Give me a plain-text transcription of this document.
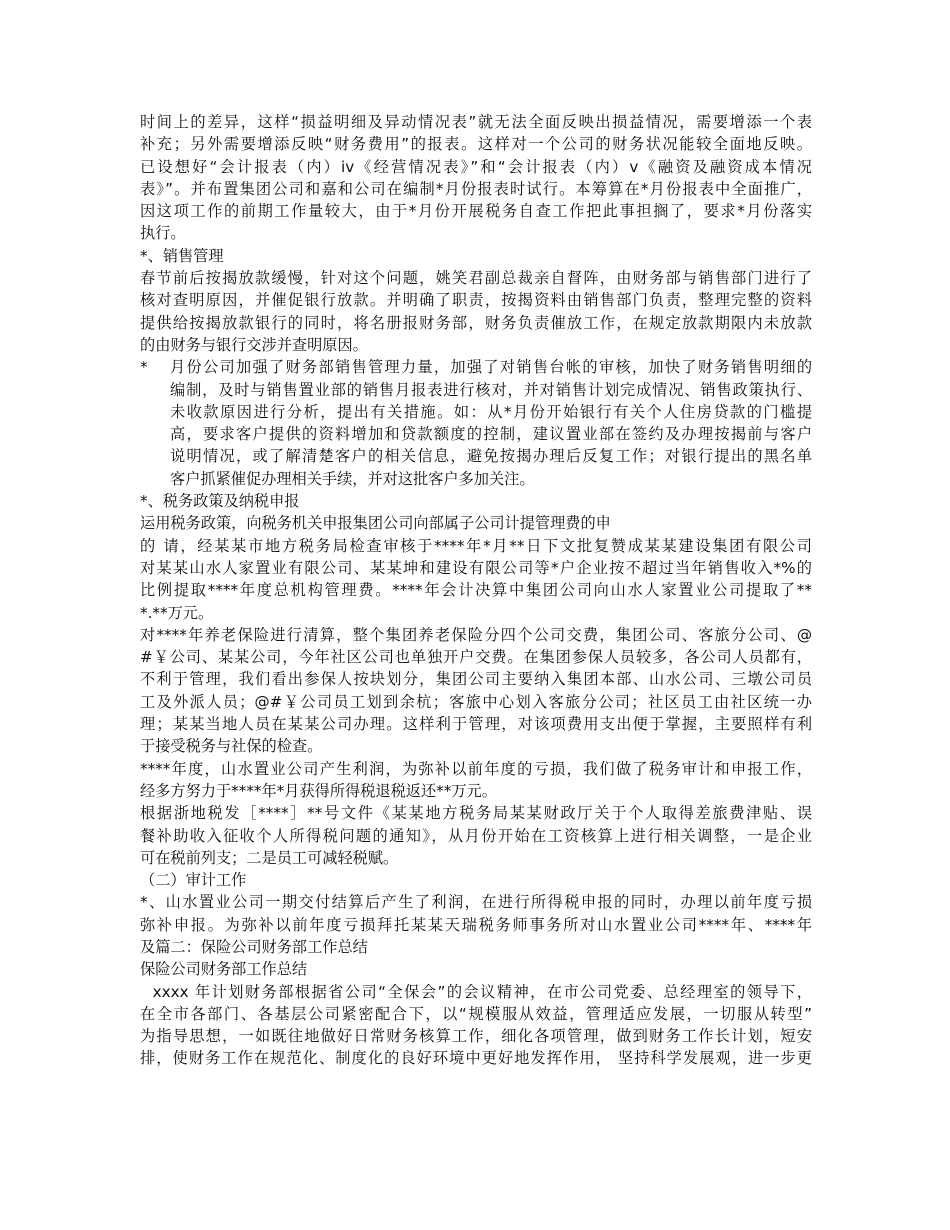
时间上的差异，这样“损益明细及异动情况表”就无法全面反映出损益情况，需要增添一个表
补充；另外需要增添反映“财务费用”的报表。这样对一个公司的财务状况能较全面地反映。
已设想好“会计报表（内）iv《经营情况表》”和“会计报表（内）v《融资及融资成本情况
表》”。并布置集团公司和嘉和公司在编制*月份报表时试行。本筹算在*月份报表中全面推广，
因这项工作的前期工作量较大，由于*月份开展税务自查工作把此事担搁了，要求*月份落实
执行。
*、销售管理
春节前后按揭放款缓慢，针对这个问题，姚笑君副总裁亲自督阵，由财务部与销售部门进行了
核对查明原因，并催促银行放款。并明确了职责，按揭资料由销售部门负责，整理完整的资料
提供给按揭放款银行的同时，将名册报财务部，财务负责催放工作，在规定放款期限内未放款
的由财务与银行交涉并查明原因。
*	月份公司加强了财务部销售管理力量，加强了对销售台帐的审核，加快了财务销售明细的
编制，及时与销售置业部的销售月报表进行核对，并对销售计划完成情况、销售政策执行、
未收款原因进行分析，提出有关措施。如：从*月份开始银行有关个人住房贷款的门槛提
高，要求客户提供的资料增加和贷款额度的控制，建议置业部在签约及办理按揭前与客户
说明情况，或了解清楚客户的相关信息，避免按揭办理后反复工作；对银行提出的黑名单
客户抓紧催促办理相关手续，并对这批客户多加关注。
*、税务政策及纳税申报
运用税务政策，向税务机关申报集团公司向部属子公司计提管理费的申
的 请，经某某市地方税务局检查审核于****年*月**日下文批复赞成某某建设集团有限公司
对某某山水人家置业有限公司、某某坤和建设有限公司等*户企业按不超过当年销售收入*%的
比例提取****年度总机构管理费。****年会计决算中集团公司向山水人家置业公司提取了**
*.**万元。
对****年养老保险进行清算，整个集团养老保险分四个公司交费，集团公司、客旅分公司、@
#￥公司、某某公司，今年社区公司也单独开户交费。在集团参保人员较多，各公司人员都有，
不利于管理，我们看出参保人按块划分，集团公司主要纳入集团本部、山水公司、三墩公司员
工及外派人员；@#￥公司员工划到余杭；客旅中心划入客旅分公司；社区员工由社区统一办
理；某某当地人员在某某公司办理。这样利于管理，对该项费用支出便于掌握，主要照样有利
于接受税务与社保的检查。
****年度，山水置业公司产生利润，为弥补以前年度的亏损，我们做了税务审计和申报工作，
经多方努力于****年*月获得所得税退税返还**万元。
根据浙地税发［****］**号文件《某某地方税务局某某财政厅关于个人取得差旅费津贴、误
餐补助收入征收个人所得税问题的通知》，从月份开始在工资核算上进行相关调整，一是企业
可在税前列支；二是员工可减轻税赋。
（二）审计工作
*、山水置业公司一期交付结算后产生了利润，在进行所得税申报的同时，办理以前年度亏损
弥补申报。为弥补以前年度亏损拜托某某天瑞税务师事务所对山水置业公司****年、****年
及篇二：保险公司财务部工作总结
保险公司财务部工作总结
xxxx 年计划财务部根据省公司“全保会”的会议精神，在市公司党委、总经理室的领导下，
在全市各部门、各基层公司紧密配合下，以“规模服从效益，管理适应发展，一切服从转型”
为指导思想，一如既往地做好日常财务核算工作，细化各项管理，做到财务工作长计划，短安
排，使财务工作在规范化、制度化的良好环境中更好地发挥作用， 坚持科学发展观，进一步更
